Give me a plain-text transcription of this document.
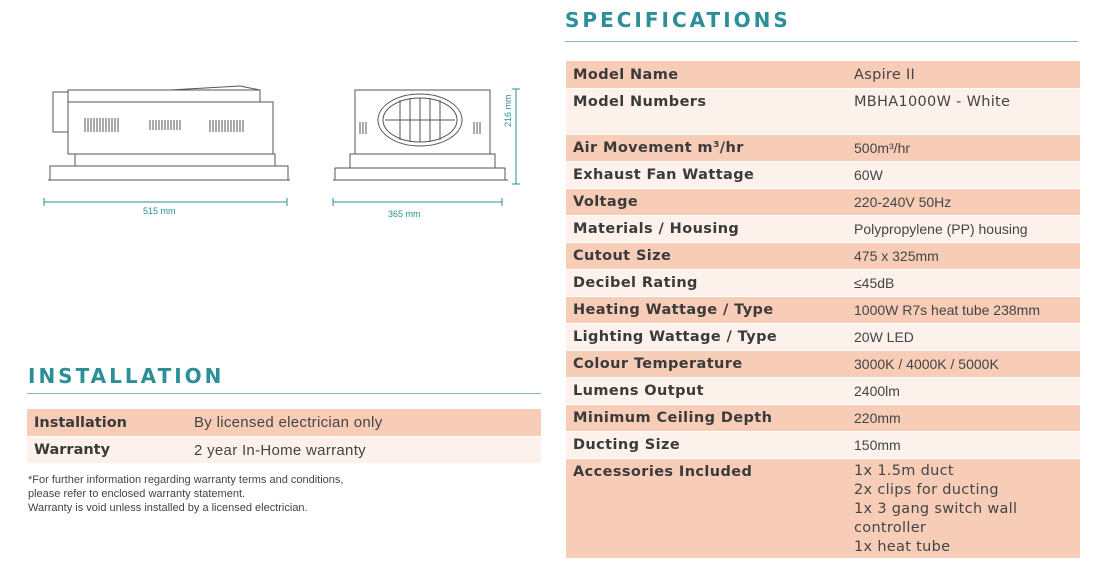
SPECIFICATIONS
Model Name	Aspire II
Model Numbers	MBHA1000W - White
Air Movement m³/hr	500m³/hr
Exhaust Fan Wattage	60W
Voltage	220-240V 50Hz
Materials / Housing	Polypropylene (PP) housing
Cutout Size	475 x 325mm
Decibel Rating	≤45dB
Heating Wattage / Type	1000W R7s heat tube 238mm
Lighting Wattage / Type	20W LED
Colour Temperature	3000K / 4000K / 5000K
Lumens Output	2400lm
Minimum Ceiling Depth	220mm
Ducting Size	150mm
Accessories Included	1x 1.5m duct
2x clips for ducting
1x 3 gang switch wall
controller
1x heat tube
INSTALLATION
Installation	By licensed electrician only
Warranty	2 year In-Home warranty
*For further information regarding warranty terms and conditions,
please refer to enclosed warranty statement.
Warranty is void unless installed by a licensed electrician.
515 mm	365 mm
216 mm
